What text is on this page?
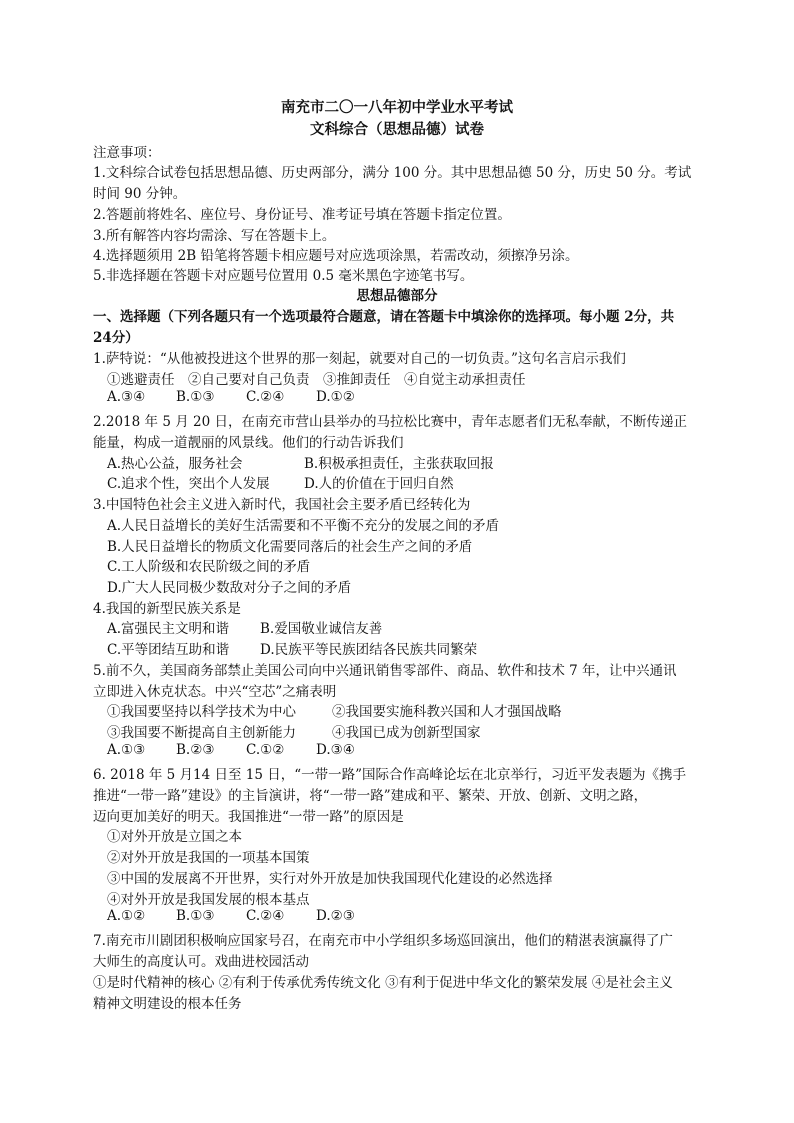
南充市二〇一八年初中学业水平考试
文科综合（思想品德）试卷
注意事项：
1.文科综合试卷包括思想品德、历史两部分，满分 100 分。其中思想品德 50 分，历史 50 分。考试
时间 90 分钟。
2.答题前将姓名、座位号、身份证号、准考证号填在答题卡指定位置。
3.所有解答内容均需涂、写在答题卡上。
4.选择题须用 2B 铅笔将答题卡相应题号对应选项涂黑，若需改动，须擦净另涂。
5.非选择题在答题卡对应题号位置用 0.5 毫米黑色字迹笔书写。
思想品德部分
一、选择题（下列各题只有一个选项最符合题意，请在答题卡中填涂你的选择项。每小题 2分，共
24分）
1.萨特说：“从他被投进这个世界的那一刻起，就要对自己的一切负责。”这句名言启示我们
①逃避责任　②自己要对自己负责　③推卸责任　④自觉主动承担责任
A.③④ B.①③ C.②④ D.①②
2.2018 年 5 月 20 日，在南充市营山县举办的马拉松比赛中，青年志愿者们无私奉献，不断传递正
能量，构成一道靓丽的风景线。他们的行动告诉我们
A.热心公益，服务社会	B.积极承担责任，主张获取回报
C.追求个性，突出个人发展	D.人的价值在于回归自然
3.中国特色社会主义进入新时代，我国社会主要矛盾已经转化为
A.人民日益增长的美好生活需要和不平衡不充分的发展之间的矛盾
B.人民日益增长的物质文化需要同落后的社会生产之间的矛盾
C.工人阶级和农民阶级之间的矛盾
D.广大人民同极少数敌对分子之间的矛盾
4.我国的新型民族关系是
A.富强民主文明和谐 B.爱国敬业诚信友善
C.平等团结互助和谐 D.民族平等民族团结各民族共同繁荣
5.前不久，美国商务部禁止美国公司向中兴通讯销售零部件、商品、软件和技术 7 年，让中兴通讯
立即进入休克状态。中兴“空芯”之痛表明
①我国要坚持以科学技术为中心	②我国要实施科教兴国和人才强国战略
③我国要不断提高自主创新能力	④我国已成为创新型国家
A.①③ B.②③ C.①② D.③④
6. 2018 年 5 月14 日至 15 日，“一带一路”国际合作高峰论坛在北京举行，习近平发表题为《携手
推进“一带一路”建设》的主旨演讲，将“一带一路”建成和平、繁荣、开放、创新、文明之路，
迈向更加美好的明天。我国推进“一带一路”的原因是
①对外开放是立国之本
②对外开放是我国的一项基本国策
③中国的发展离不开世界，实行对外开放是加快我国现代化建设的必然选择
④对外开放是我国发展的根本基点
A.①② B.①③ C.②④ D.②③
7.南充市川剧团积极响应国家号召，在南充市中小学组织多场巡回演出，他们的精湛表演赢得了广
大师生的高度认可。戏曲进校园活动
①是时代精神的核心 ②有利于传承优秀传统文化 ③有利于促进中华文化的繁荣发展 ④是社会主义
精神文明建设的根本任务
